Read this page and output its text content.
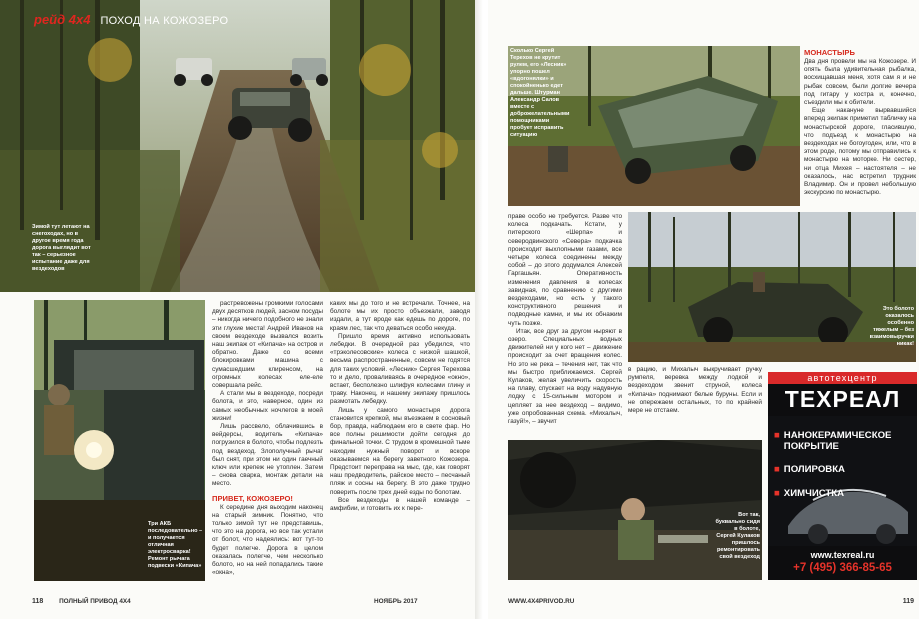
рейд 4x4 ПОХОД НА КОЖОЗЕРО
Зимой тут летают на снегоходах, но в другое время года дорога выглядит вот так – серьезное испытание даже для вездеходов
Три АКБ последовательно – и получается отличная электросварка! Ремонт рычага подвески «Кипача»

растревожены громкими голосами двух десятков людей, засном посуды – никогда ничего подобного не знали эти глухие места! Андрей Иванов на своем вездеходе вызвался возить наш экипаж от «Кипача» на остров и обратно. Даже со всеми блокировками машина с сумасшедшим клиренсом, на огромных колесах еле-еле совершала рейс.

А стали мы в вездеходе, посреди болота, и это, наверное, один из самых необычных ночлегов в моей жизни!

Лишь рассвело, облачившись в вейдерсы, водитель «Кипача» погрузился в болото, чтобы подлезть под вездеход. Злополучный рычаг был снят, при этом ни один гаечный ключ или крепеж не утоплен. Затем – снова сварка, монтаж детали на место.

ПРИВЕТ, КОЖОЗЕРО!

К середине дня выходим наконец на старый зимник. Понятно, что только зимой тут не представишь, что это на дорога, но все так устали от болот, что надеялись: вот тут-то будет полегче. Дорога в целом оказалась полегче, чем несколько болото, но на ней попадались такие «окна»,

каких мы до того и не встречали. Точнее, на болоте мы их просто объезжали, заводя издали, а тут вроде как едешь по дороге, по краям лес, так что деваться особо некуда.

Пришло время активно использовать лебедки. В очередной раз убедился, что «трэколесовские» колеса с низкой шашкой, весьма распространенные, совсем не годятся для таких условий. «Лесник» Сергея Терехова то и дело, проваливаясь в очередное «окно», встает, бесполезно шлифуя колесами глину и траву. Наконец, и нашему экипажу пришлось размотать лебедку.

Лишь у самого монастыря дорога становится крепкой, мы въезжаем в сосновый бор, правда, наблюдаем его в свете фар. Но все полны решимости дойти сегодня до финальной точки. С трудом в кромешной тьме находим нужный поворот и вскоре оказываемся на берегу заветного Кожозера. Предстоит переправа на мыс, где, как говорят наш предводитель, райское место – песчаный пляж и сосны на берегу. В это даже трудно поверить после трех дней езды по болотам.

Все вездеходы в нашей команде – амфибии, и готовить их к пере-

118 ПОЛНЫЙ ПРИВОД 4Х4	НОЯБРЬ 2017
Сколько Сергей Терехов не крутит рулем, его «Лесник» упорно пошел «вдогонялки» и спокойненько едет дальше. Штурман Александр Салов вместе с доброжелательными помощниками пробует исправить ситуацию

МОНАСТЫРЬ

Два дня провели мы на Кожозере. И опять была удивительная рыбалка, восхищавшая меня, хотя сам я и не рыбак совсем, были долгие вечера под гитару у костра и, конечно, съездили мы к обители.

Еще накануне вырвавшийся вперед экипаж приметил табличку на монастырской дороге, гласившую, что подъезд к монастырю на вездеходах не богоугоден, или, что в этом роде, потому мы отправились к монастырю на моторке. Ни сестер, ни отца Михея – настоятеля – не оказалось, нас встретил трудник Владимир. Он и провел небольшую экскурсию по монастырю.

праве особо не требуется. Разве что колеса подкачать. Кстати, у питерского «Шерпа» и северодвинского «Севера» подкачка происходит выхлопными газами, все четыре колеса соединены между собой – до этого додумался Алексей Гаргашьян. Оперативность изменения давления в колесах завидная, по сравнению с другими вездеходами, но есть у такого конструктивного решения и подводные камни, и мы их обнажим чуть позже.

Итак, все друг за другом ныряют в озеро. Специальных водных движителей ни у кого нет – движение происходит за счет вращения колес. Но это не река – течения нет, так что мы быстро приближаемся. Сергей Кулаков, желая увеличить скорость на плаву, спускает на воду надувную лодку с 15-сильным мотором и цепляет за нее вездеход – видимо, уже опробованная схема. «Михалыч, газуй!», – звучит

Это болото оказалось особенно тяжелым – без взаимовыручки никак!

в рацию, и Михалыч выкручивает ручку румпеля, веревка между лодкой и вездеходом звенит струной, колеса «Кипача» поднимают белые буруны. Если и не опережаем остальных, то по крайней мере не отстаем.

Вот так, буквально сидя в болоте, Сергей Кулаков пришлось ремонтировать свой вездеход
автотехцентр
ТЕХРЕАЛ
■ НАНОКЕРАМИЧЕСКОЕ ПОКРЫТИЕ
■ ПОЛИРОВКА
■ ХИМЧИСТКА
www.texreal.ru
+7 (495) 366-85-65
WWW.4X4PRIVOD.RU	119
